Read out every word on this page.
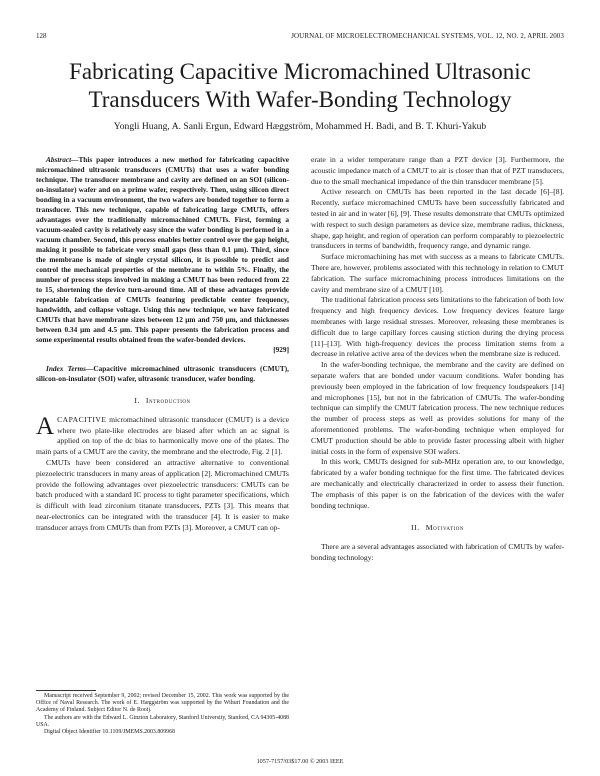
128	JOURNAL OF MICROELECTROMECHANICAL SYSTEMS, VOL. 12, NO. 2, APRIL 2003
Fabricating Capacitive Micromachined Ultrasonic Transducers With Wafer-Bonding Technology
Yongli Huang, A. Sanli Ergun, Edward Hæggström, Mohammed H. Badi, and B. T. Khuri-Yakub

Abstract—This paper introduces a new method for fabricating capacitive micromachined ultrasonic transducers (CMUTs) that uses a wafer bonding technique. The transducer membrane and cavity are defined on an SOI (silicon-on-insulator) wafer and on a prime wafer, respectively. Then, using silicon direct bonding in a vacuum environment, the two wafers are bonded together to form a transducer. This new technique, capable of fabricating large CMUTs, offers advantages over the traditionally micromachined CMUTs. First, forming a vacuum-sealed cavity is relatively easy since the wafer bonding is performed in a vacuum chamber. Second, this process enables better control over the gap height, making it possible to fabricate very small gaps (less than 0.1 μm). Third, since the membrane is made of single crystal silicon, it is possible to predict and control the mechanical properties of the membrane to within 5%. Finally, the number of process steps involved in making a CMUT has been reduced from 22 to 15, shortening the device turn-around time. All of these advantages provide repeatable fabrication of CMUTs featuring predictable center frequency, handwidth, and collapse voltage. Using this new technique, we have fabricated CMUTs that have membrane sizes between 12 μm and 750 μm, and thicknesses between 0.34 μm and 4.5 μm. This paper presents the fabrication process and some experimental results obtained from the wafer-bonded devices.
[929]

Index Terms—Capacitive micromachined ultrasonic transducers (CMUT), silicon-on-insulator (SOI) wafer, ultrasonic transducer, wafer bonding.

I. Introduction

ACAPACITIVE micromachined ultrasonic transducer (CMUT) is a device where two plate-like electrodes are biased after which an ac signal is applied on top of the dc bias to harmonically move one of the plates. The main parts of a CMUT are the cavity, the membrane and the electrode, Fig. 2 [1].

CMUTs have been considered an attractive alternative to conventional piezoelectric transducers in many areas of application [2]. Micromachined CMUTs provide the following advantages over piezoelectric transducers: CMUTs can be batch produced with a standard IC process to tight parameter specifications, which is difficult with lead zirconium titanate transducers, PZTs [3]. This means that near-electronics can be integrated with the transducer [4]. It is easier to make transducer arrays from CMUTs than from PZTs [3]. Moreover, a CMUT can op-

erate in a wider temperature range than a PZT device [3]. Furthermore, the acoustic impedance match of a CMUT to air is closer than that of PZT transducers, due to the small mechanical impedance of the thin transducer membrane [5].

Active research on CMUTs has been reported in the last decade [6]–[8]. Recently, surface micromachined CMUTs have been successfully fabricated and tested in air and in water [6], [9]. These results demonstrate that CMUTs optimized with respect to such design parameters as device size, membrane radius, thickness, shape, gap height, and region of operation can perform comparably to piezoelectric transducers in terms of bandwidth, frequency range, and dynamic range.

Surface micromachining has met with success as a means to fabricate CMUTs. There are, however, problems associated with this technology in relation to CMUT fabrication. The surface micromachining process introduces limitations on the cavity and membrane size of a CMUT [10].

The traditional fabrication process sets limitations to the fabrication of both low frequency and high frequency devices. Low frequency devices feature large membranes with large residual stresses. Moreover, releasing these membranes is difficult due to large capillary forces causing stiction during the drying process [11]–[13]. With high-frequency devices the process limitation stems from a decrease in relative active area of the devices when the membrane size is reduced.

In the wafer-bonding technique, the membrane and the cavity are defined on separate wafers that are bonded under vacuum conditions. Wafer bonding has previously been employed in the fabrication of low frequency loudspeakers [14] and microphones [15], but not in the fabrication of CMUTs. The wafer-bonding technique can simplify the CMUT fabrication process. The new technique reduces the number of process steps as well as provides solutions for many of the aforementioned problems. The wafer-bonding technique when employed for CMUT production should be able to provide faster processing albeit with higher initial costs in the form of expensive SOI wafers.

In this work, CMUTs designed for sub-MHz operation are, to our knowledge, fabricated by a wafer bonding technique for the first time. The fabricated devices are mechanically and electrically characterized in order to assess their function. The emphasis of this paper is on the fabrication of the devices with the wafer bonding technique.

II. Motivation

There are a several advantages associated with fabrication of CMUTs by wafer-bonding technology:

Manuscript received September 9, 2002; revised December 15, 2002. This work was supported by the Office of Naval Research. The work of E. Hæggström was supported by the Wihuri Foundation and the Academy of Finland. Subject Editor N. de Rooij.

The authors are with the Edward L. Ginzton Laboratory, Stanford University, Stanford, CA 94305-4088 USA.

Digital Object Identifier 10.1109/JMEMS.2003.809968

1057-7157/03$17.00 © 2003 IEEE
